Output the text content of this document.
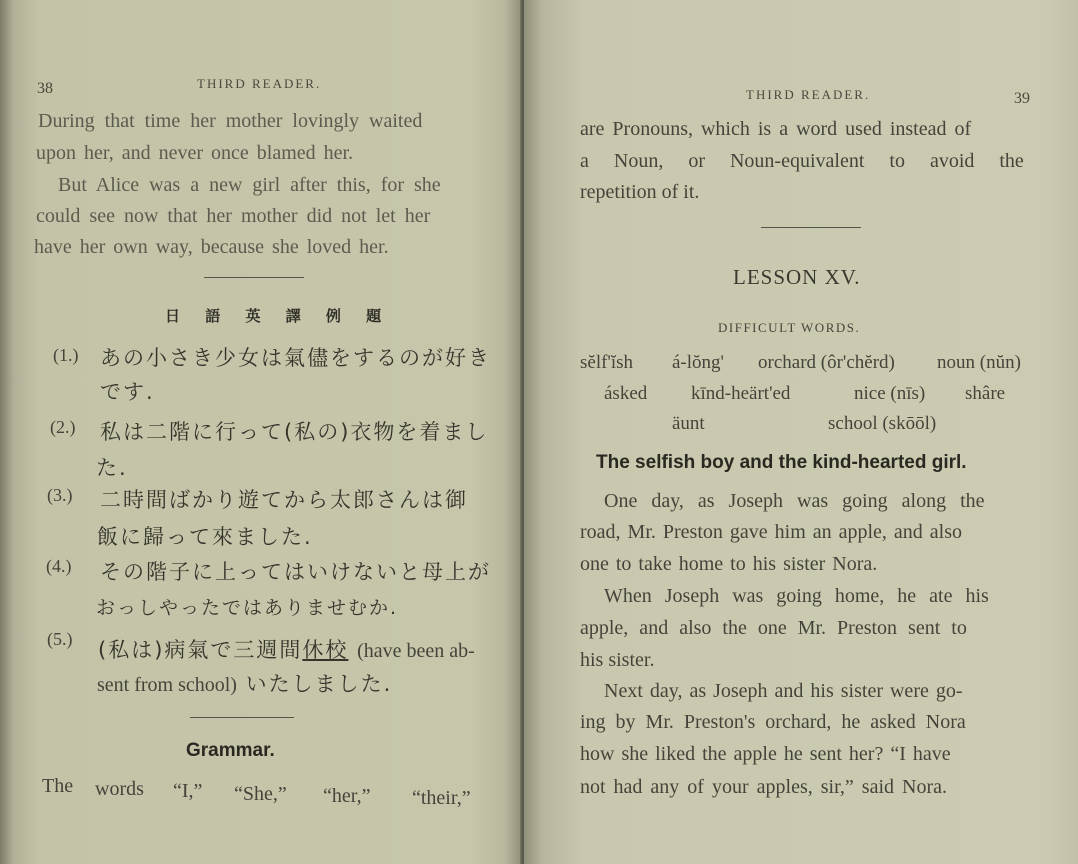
38	THIRD READER.
During that time her mother lovingly waited
upon her, and never once blamed her.
But Alice was a new girl after this, for she
could see now that her mother did not let her
have her own way, because she loved her.
日 語 英 譯 例 題
(1.) あの小さき少女は氣儘をするのが好き
です.
(2.) 私は二階に行って(私の)衣物を着まし
た.
(3.) 二時間ばかり遊てから太郎さんは御
飯に歸って來ました.
(4.) その階子に上ってはいけないと母上が
おっしやったではありませむか.
(5.) (私は)病氣で三週間休校 (have been ab-
sent from school) いたしました.
Grammar.
The words “I,” “She,” “her,” “their,”
THIRD READER.	39
are Pronouns, which is a word used instead of
a Noun, or Noun-equivalent to avoid the
repetition of it.
LESSON XV.
DIFFICULT WORDS.
sĕlf'ĭsh á-lŏng' orchard (ôr'chĕrd) noun (nŭn)
ásked kīnd-heärt'ed	nice (nīs) shâre
äunt	school (skōōl)
The selfish boy and the kind-hearted girl.
One day, as Joseph was going along the
road, Mr. Preston gave him an apple, and also
one to take home to his sister Nora.
When Joseph was going home, he ate his
apple, and also the one Mr. Preston sent to
his sister.
Next day, as Joseph and his sister were go-
ing by Mr. Preston's orchard, he asked Nora
how she liked the apple he sent her? “I have
not had any of your apples, sir,” said Nora.
